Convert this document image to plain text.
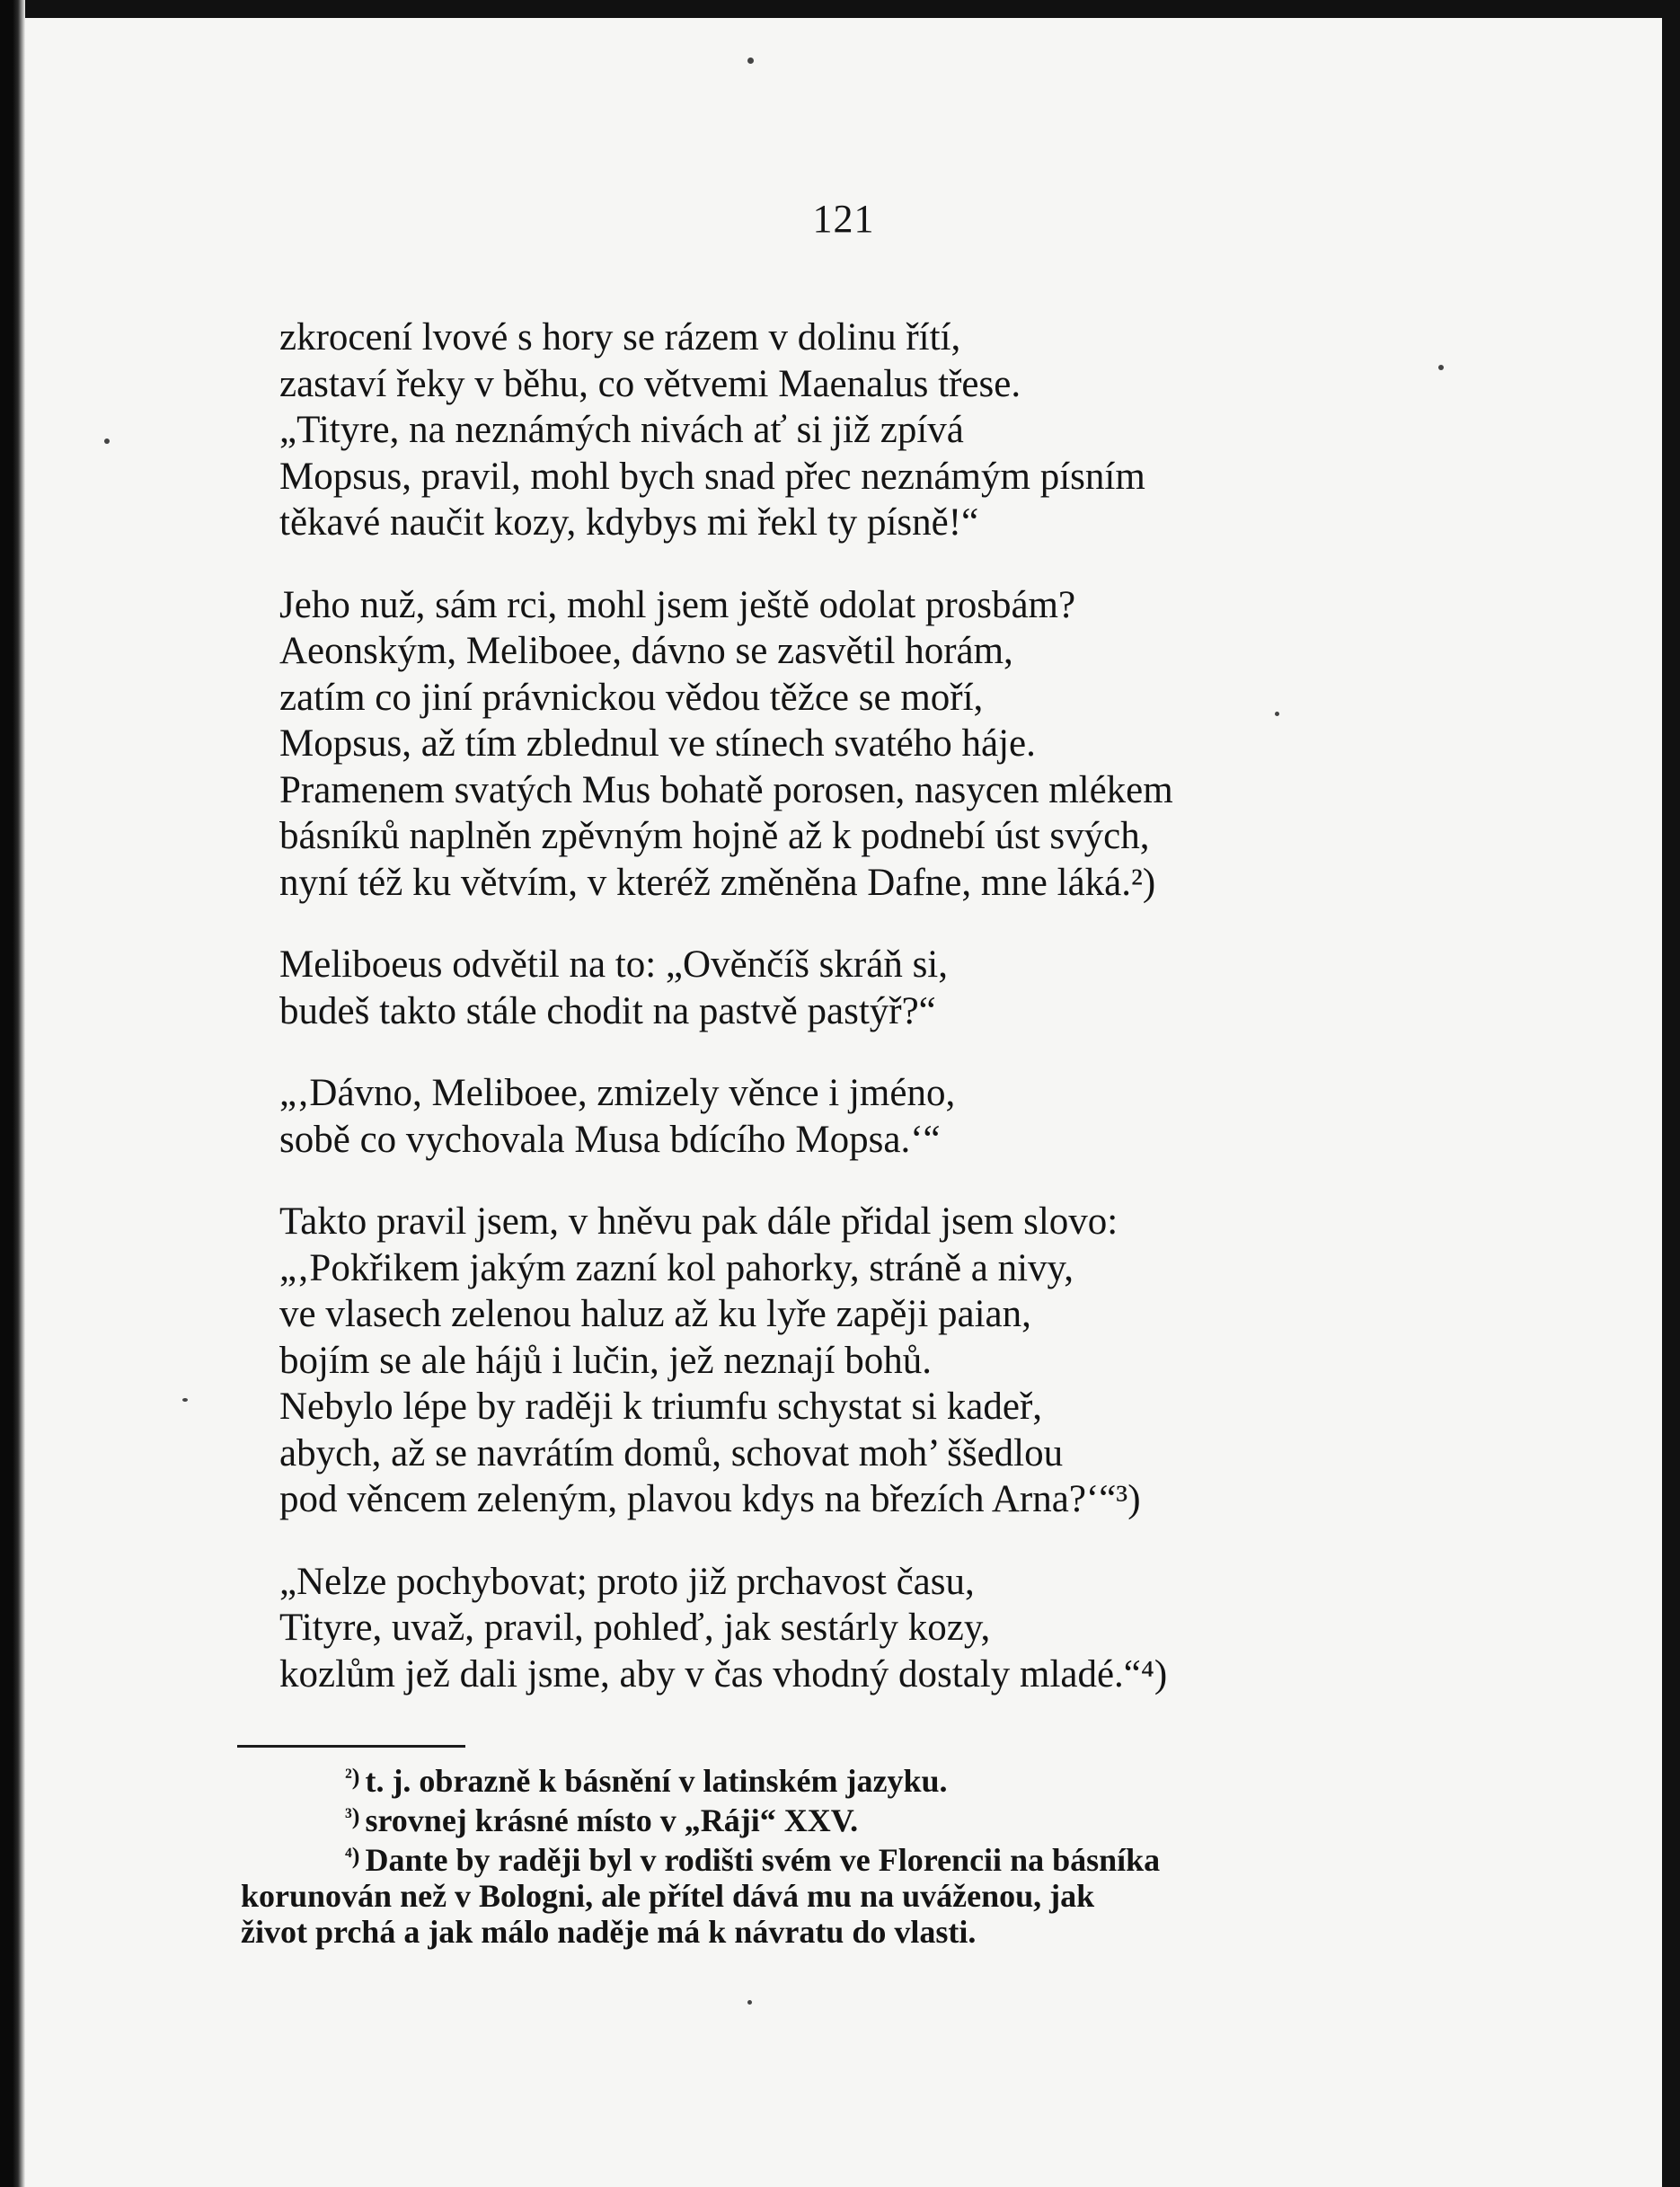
121
zkrocení lvové s hory se rázem v dolinu řítí,
zastaví řeky v běhu, co větvemi Maenalus třese.
„Tityre, na neznámých nivách ať si již zpívá
Mopsus, pravil, mohl bych snad přec neznámým písním
těkavé naučit kozy, kdybys mi řekl ty písně!“
Jeho nuž, sám rci, mohl jsem ještě odolat prosbám?
Aeonským, Meliboee, dávno se zasvětil horám,
zatím co jiní právnickou vědou těžce se moří,
Mopsus, až tím zblednul ve stínech svatého háje.
Pramenem svatých Mus bohatě porosen, nasycen mlékem
básníků naplněn zpěvným hojně až k podnebí úst svých,
nyní též ku větvím, v kteréž změněna Dafne, mne láká.²)
Meliboeus odvětil na to: „Ověnčíš skráň si,
budeš takto stále chodit na pastvě pastýř?“
„‚Dávno, Meliboee, zmizely věnce i jméno,
sobě co vychovala Musa bdícího Mopsa.‘“
Takto pravil jsem, v hněvu pak dále přidal jsem slovo:
„‚Pokřikem jakým zazní kol pahorky, stráně a nivy,
ve vlasech zelenou haluz až ku lyře zapěji paian,
bojím se ale hájů i lučin, jež neznají bohů.
Nebylo lépe by raději k triumfu schystat si kadeř,
abych, až se navrátím domů, schovat moh’ ššedlou
pod věncem zeleným, plavou kdys na březích Arna?‘“³)
„Nelze pochybovat; proto již prchavost času,
Tityre, uvaž, pravil, pohleď, jak sestárly kozy,
kozlům jež dali jsme, aby v čas vhodný dostaly mladé.“⁴)
$^{^2)}$ t. j. obrazně k básnění v latinském jazyku.
$^{^3)}$ srovnej krásné místo v „Ráji“ XXV.
$^{^4)}$ Dante by raději byl v rodišti svém ve Florencii na básníka
korunován než v Bologni, ale přítel dává mu na uváženou, jak
život prchá a jak málo naděje má k návratu do vlasti.
